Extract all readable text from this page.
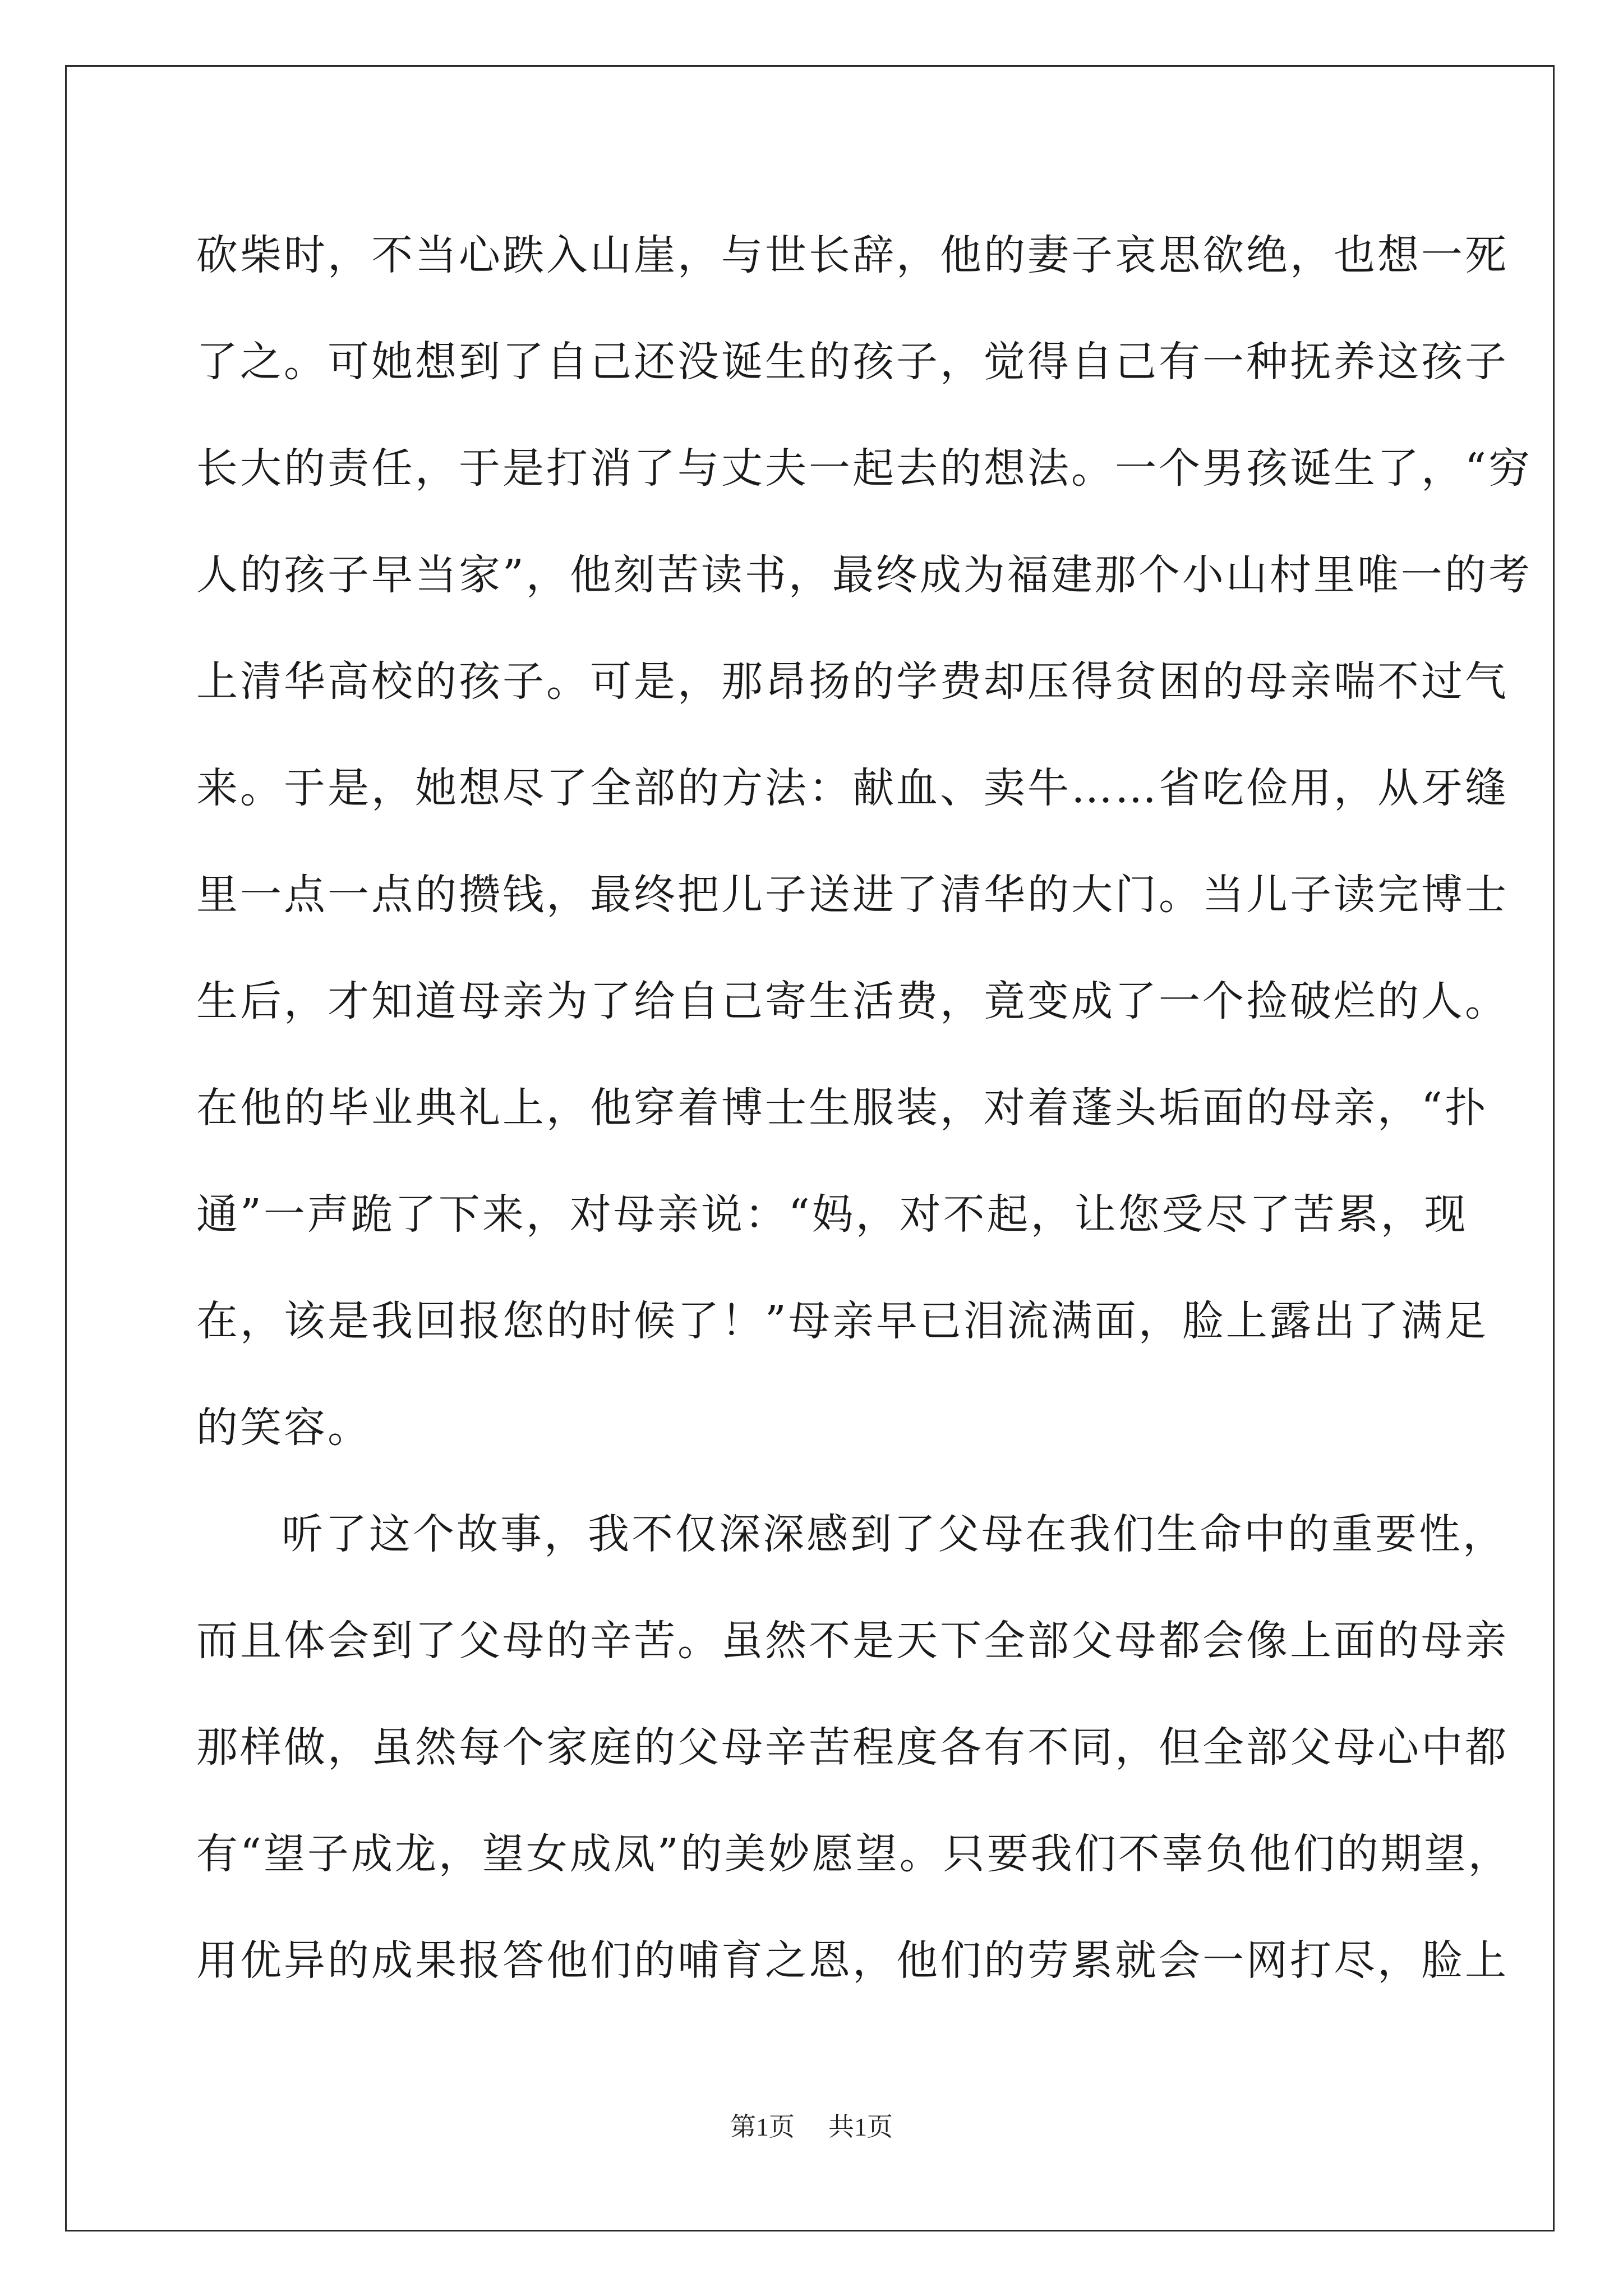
砍柴时，不当心跌入山崖，与世长辞，他的妻子哀思欲绝，也想一死
了之。可她想到了自己还没诞生的孩子，觉得自己有一种抚养这孩子
长大的责任，于是打消了与丈夫一起去的想法。一个男孩诞生了，“穷
人的孩子早当家”，他刻苦读书，最终成为福建那个小山村里唯一的考
上清华高校的孩子。可是，那昂扬的学费却压得贫困的母亲喘不过气
来。于是，她想尽了全部的方法：献血、卖牛……省吃俭用，从牙缝
里一点一点的攒钱，最终把儿子送进了清华的大门。当儿子读完博士
生后，才知道母亲为了给自己寄生活费，竟变成了一个捡破烂的人。
在他的毕业典礼上，他穿着博士生服装，对着蓬头垢面的母亲，“扑
通”一声跪了下来，对母亲说：“妈，对不起，让您受尽了苦累，现
在，该是我回报您的时候了！”母亲早已泪流满面，脸上露出了满足
的笑容。
听了这个故事，我不仅深深感到了父母在我们生命中的重要性，
而且体会到了父母的辛苦。虽然不是天下全部父母都会像上面的母亲
那样做，虽然每个家庭的父母辛苦程度各有不同，但全部父母心中都
有“望子成龙，望女成凤”的美妙愿望。只要我们不辜负他们的期望，
用优异的成果报答他们的哺育之恩，他们的劳累就会一网打尽，脸上
第1页 共1页
